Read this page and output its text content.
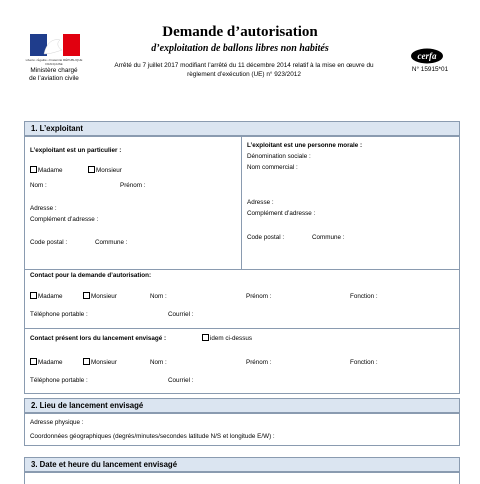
Demande d’autorisation
d’exploitation de ballons libres non habités
Arrêté du 7 juillet 2017 modifiant l’arrêté du 11 décembre 2014 relatif à la mise en œuvre du
règlement d’exécution (UE) n° 923/2012
Liberté • Égalité • Fraternité RÉPUBLIQUE FRANÇAISE
Ministère chargé
de l’aviation civile
cerfa
N° 15915*01
1. L’exploitant
L’exploitant est un particulier :
Madame	Monsieur
Nom :	Prénom :
Adresse :
Complément d’adresse :
Code postal :	Commune :
L’exploitant est une personne morale :
Dénomination sociale :
Nom commercial :
Adresse :
Complément d’adresse :
Code postal :	Commune :
Contact pour la demande d’autorisation:
Madame	Monsieur	Nom :	Prénom :	Fonction :
Téléphone portable :	Courriel :
Contact présent lors du lancement envisagé :	idem ci-dessus
Madame	Monsieur	Nom :	Prénom :	Fonction :
Téléphone portable :	Courriel :
2. Lieu de lancement envisagé
Adresse physique :
Coordonnées géographiques (degrés/minutes/secondes latitude N/S et longitude E/W) :
3. Date et heure du lancement envisagé
